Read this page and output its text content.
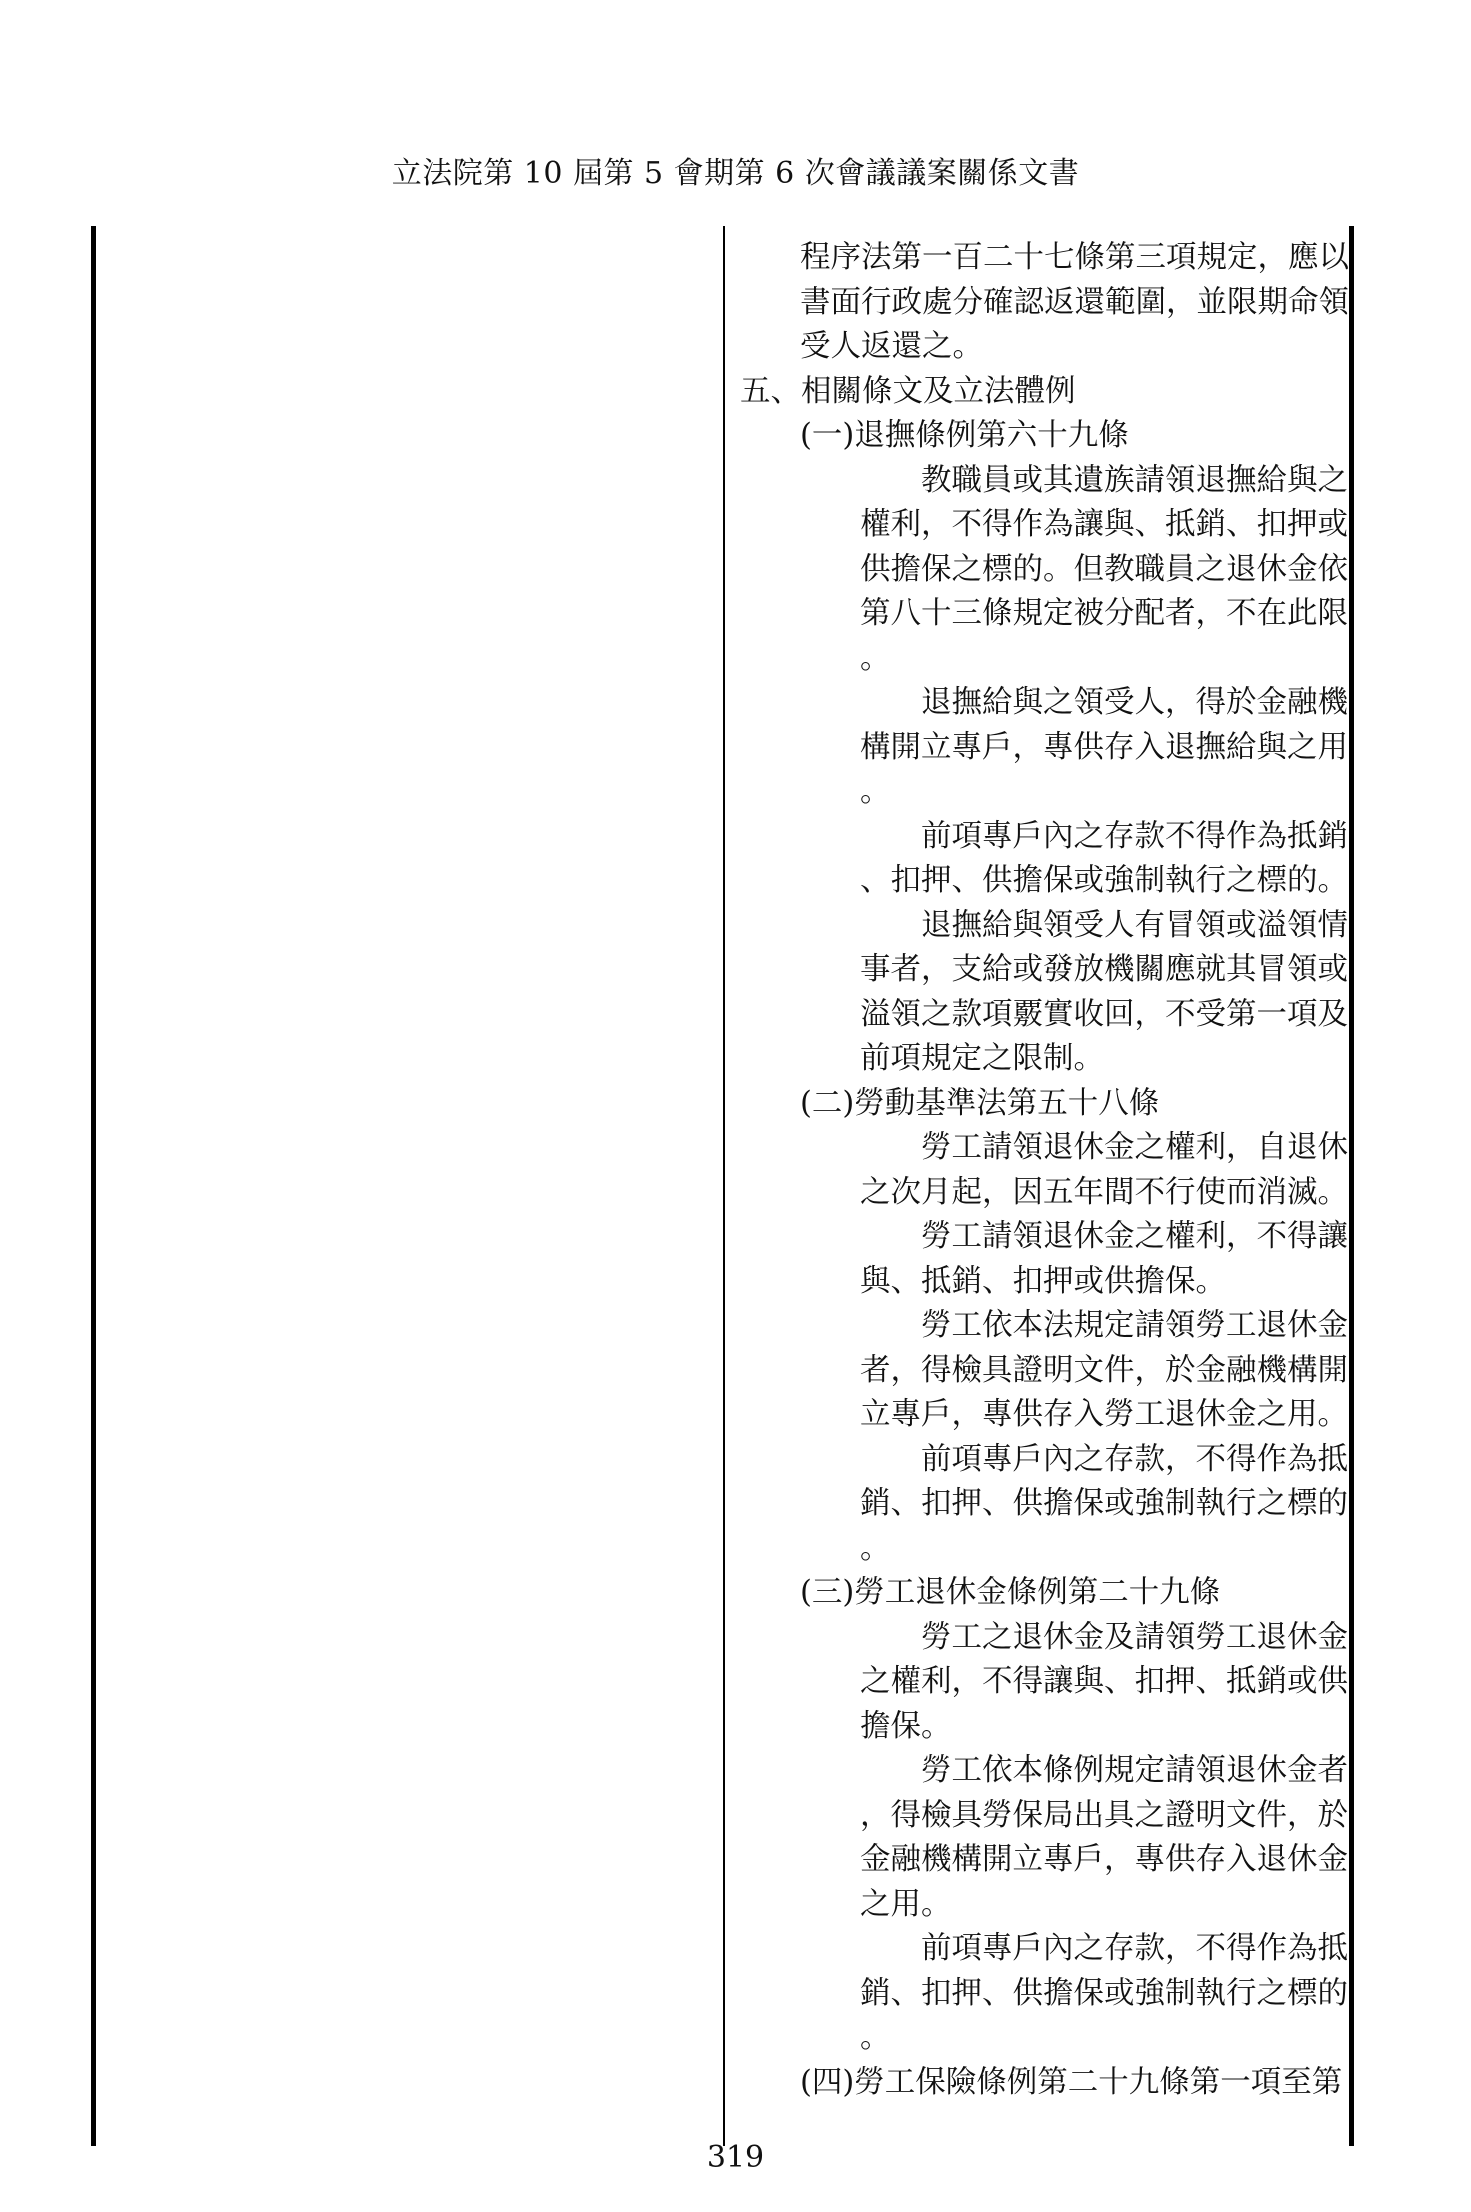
立法院第 10 屆第 5 會期第 6 次會議議案關係文書
程序法第一百二十七條第三項規定，應以
書面行政處分確認返還範圍，並限期命領
受人返還之。
五、相關條文及立法體例
(一)退撫條例第六十九條
　　教職員或其遺族請領退撫給與之
權利，不得作為讓與、抵銷、扣押或
供擔保之標的。但教職員之退休金依
第八十三條規定被分配者，不在此限
。
　　退撫給與之領受人，得於金融機
構開立專戶，專供存入退撫給與之用
。
　　前項專戶內之存款不得作為抵銷
、扣押、供擔保或強制執行之標的。
　　退撫給與領受人有冒領或溢領情
事者，支給或發放機關應就其冒領或
溢領之款項覈實收回，不受第一項及
前項規定之限制。
(二)勞動基準法第五十八條
　　勞工請領退休金之權利，自退休
之次月起，因五年間不行使而消滅。
　　勞工請領退休金之權利，不得讓
與、抵銷、扣押或供擔保。
　　勞工依本法規定請領勞工退休金
者，得檢具證明文件，於金融機構開
立專戶，專供存入勞工退休金之用。
　　前項專戶內之存款，不得作為抵
銷、扣押、供擔保或強制執行之標的
。
(三)勞工退休金條例第二十九條
　　勞工之退休金及請領勞工退休金
之權利，不得讓與、扣押、抵銷或供
擔保。
　　勞工依本條例規定請領退休金者
，得檢具勞保局出具之證明文件，於
金融機構開立專戶，專供存入退休金
之用。
　　前項專戶內之存款，不得作為抵
銷、扣押、供擔保或強制執行之標的
。
(四)勞工保險條例第二十九條第一項至第
319
